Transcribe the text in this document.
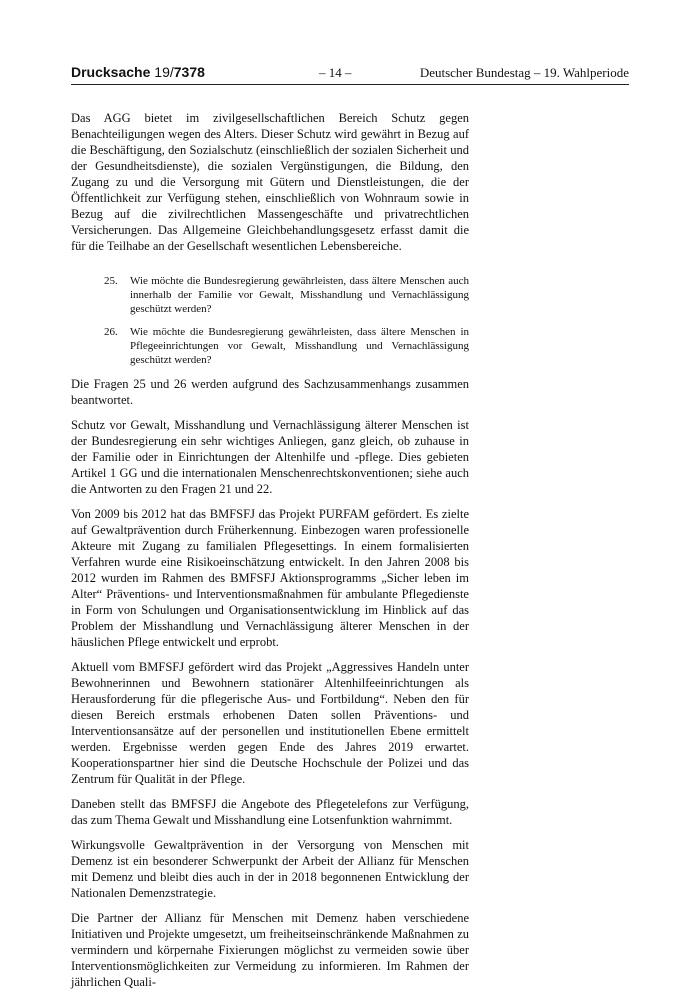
Drucksache 19/7378	– 14 –	Deutscher Bundestag – 19. Wahlperiode

Das AGG bietet im zivilgesellschaftlichen Bereich Schutz gegen Benachteiligungen wegen des Alters. Dieser Schutz wird gewährt in Bezug auf die Beschäftigung, den Sozialschutz (einschließlich der sozialen Sicherheit und der Gesundheitsdienste), die sozialen Vergünstigungen, die Bildung, den Zugang zu und die Versorgung mit Gütern und Dienstleistungen, die der Öffentlichkeit zur Verfügung stehen, einschließlich von Wohnraum sowie in Bezug auf die zivilrechtlichen Massengeschäfte und privatrechtlichen Versicherungen. Das Allgemeine Gleichbehandlungsgesetz erfasst damit die für die Teilhabe an der Gesellschaft wesentlichen Lebensbereiche.

25.	Wie möchte die Bundesregierung gewährleisten, dass ältere Menschen auch innerhalb der Familie vor Gewalt, Misshandlung und Vernachlässigung geschützt werden?
26.	Wie möchte die Bundesregierung gewährleisten, dass ältere Menschen in Pflegeeinrichtungen vor Gewalt, Misshandlung und Vernachlässigung geschützt werden?

Die Fragen 25 und 26 werden aufgrund des Sachzusammenhangs zusammen beantwortet.

Schutz vor Gewalt, Misshandlung und Vernachlässigung älterer Menschen ist der Bundesregierung ein sehr wichtiges Anliegen, ganz gleich, ob zuhause in der Familie oder in Einrichtungen der Altenhilfe und -pflege. Dies gebieten Artikel 1 GG und die internationalen Menschenrechtskonventionen; siehe auch die Antworten zu den Fragen 21 und 22.

Von 2009 bis 2012 hat das BMFSFJ das Projekt PURFAM gefördert. Es zielte auf Gewaltprävention durch Früherkennung. Einbezogen waren professionelle Akteure mit Zugang zu familialen Pflegesettings. In einem formalisierten Verfahren wurde eine Risikoeinschätzung entwickelt. In den Jahren 2008 bis 2012 wurden im Rahmen des BMFSFJ Aktionsprogramms „Sicher leben im Alter“ Präventions- und Interventionsmaßnahmen für ambulante Pflegedienste in Form von Schulungen und Organisationsentwicklung im Hinblick auf das Problem der Misshandlung und Vernachlässigung älterer Menschen in der häuslichen Pflege entwickelt und erprobt.

Aktuell vom BMFSFJ gefördert wird das Projekt „Aggressives Handeln unter Bewohnerinnen und Bewohnern stationärer Altenhilfeeinrichtungen als Herausforderung für die pflegerische Aus- und Fortbildung“. Neben den für diesen Bereich erstmals erhobenen Daten sollen Präventions- und Interventionsansätze auf der personellen und institutionellen Ebene ermittelt werden. Ergebnisse werden gegen Ende des Jahres 2019 erwartet. Kooperationspartner hier sind die Deutsche Hochschule der Polizei und das Zentrum für Qualität in der Pflege.

Daneben stellt das BMFSFJ die Angebote des Pflegetelefons zur Verfügung, das zum Thema Gewalt und Misshandlung eine Lotsenfunktion wahrnimmt.

Wirkungsvolle Gewaltprävention in der Versorgung von Menschen mit Demenz ist ein besonderer Schwerpunkt der Arbeit der Allianz für Menschen mit Demenz und bleibt dies auch in der in 2018 begonnenen Entwicklung der Nationalen Demenzstrategie.

Die Partner der Allianz für Menschen mit Demenz haben verschiedene Initiativen und Projekte umgesetzt, um freiheitseinschränkende Maßnahmen zu vermindern und körpernahe Fixierungen möglichst zu vermeiden sowie über Interventionsmöglichkeiten zur Vermeidung zu informieren. Im Rahmen der jährlichen Quali-
